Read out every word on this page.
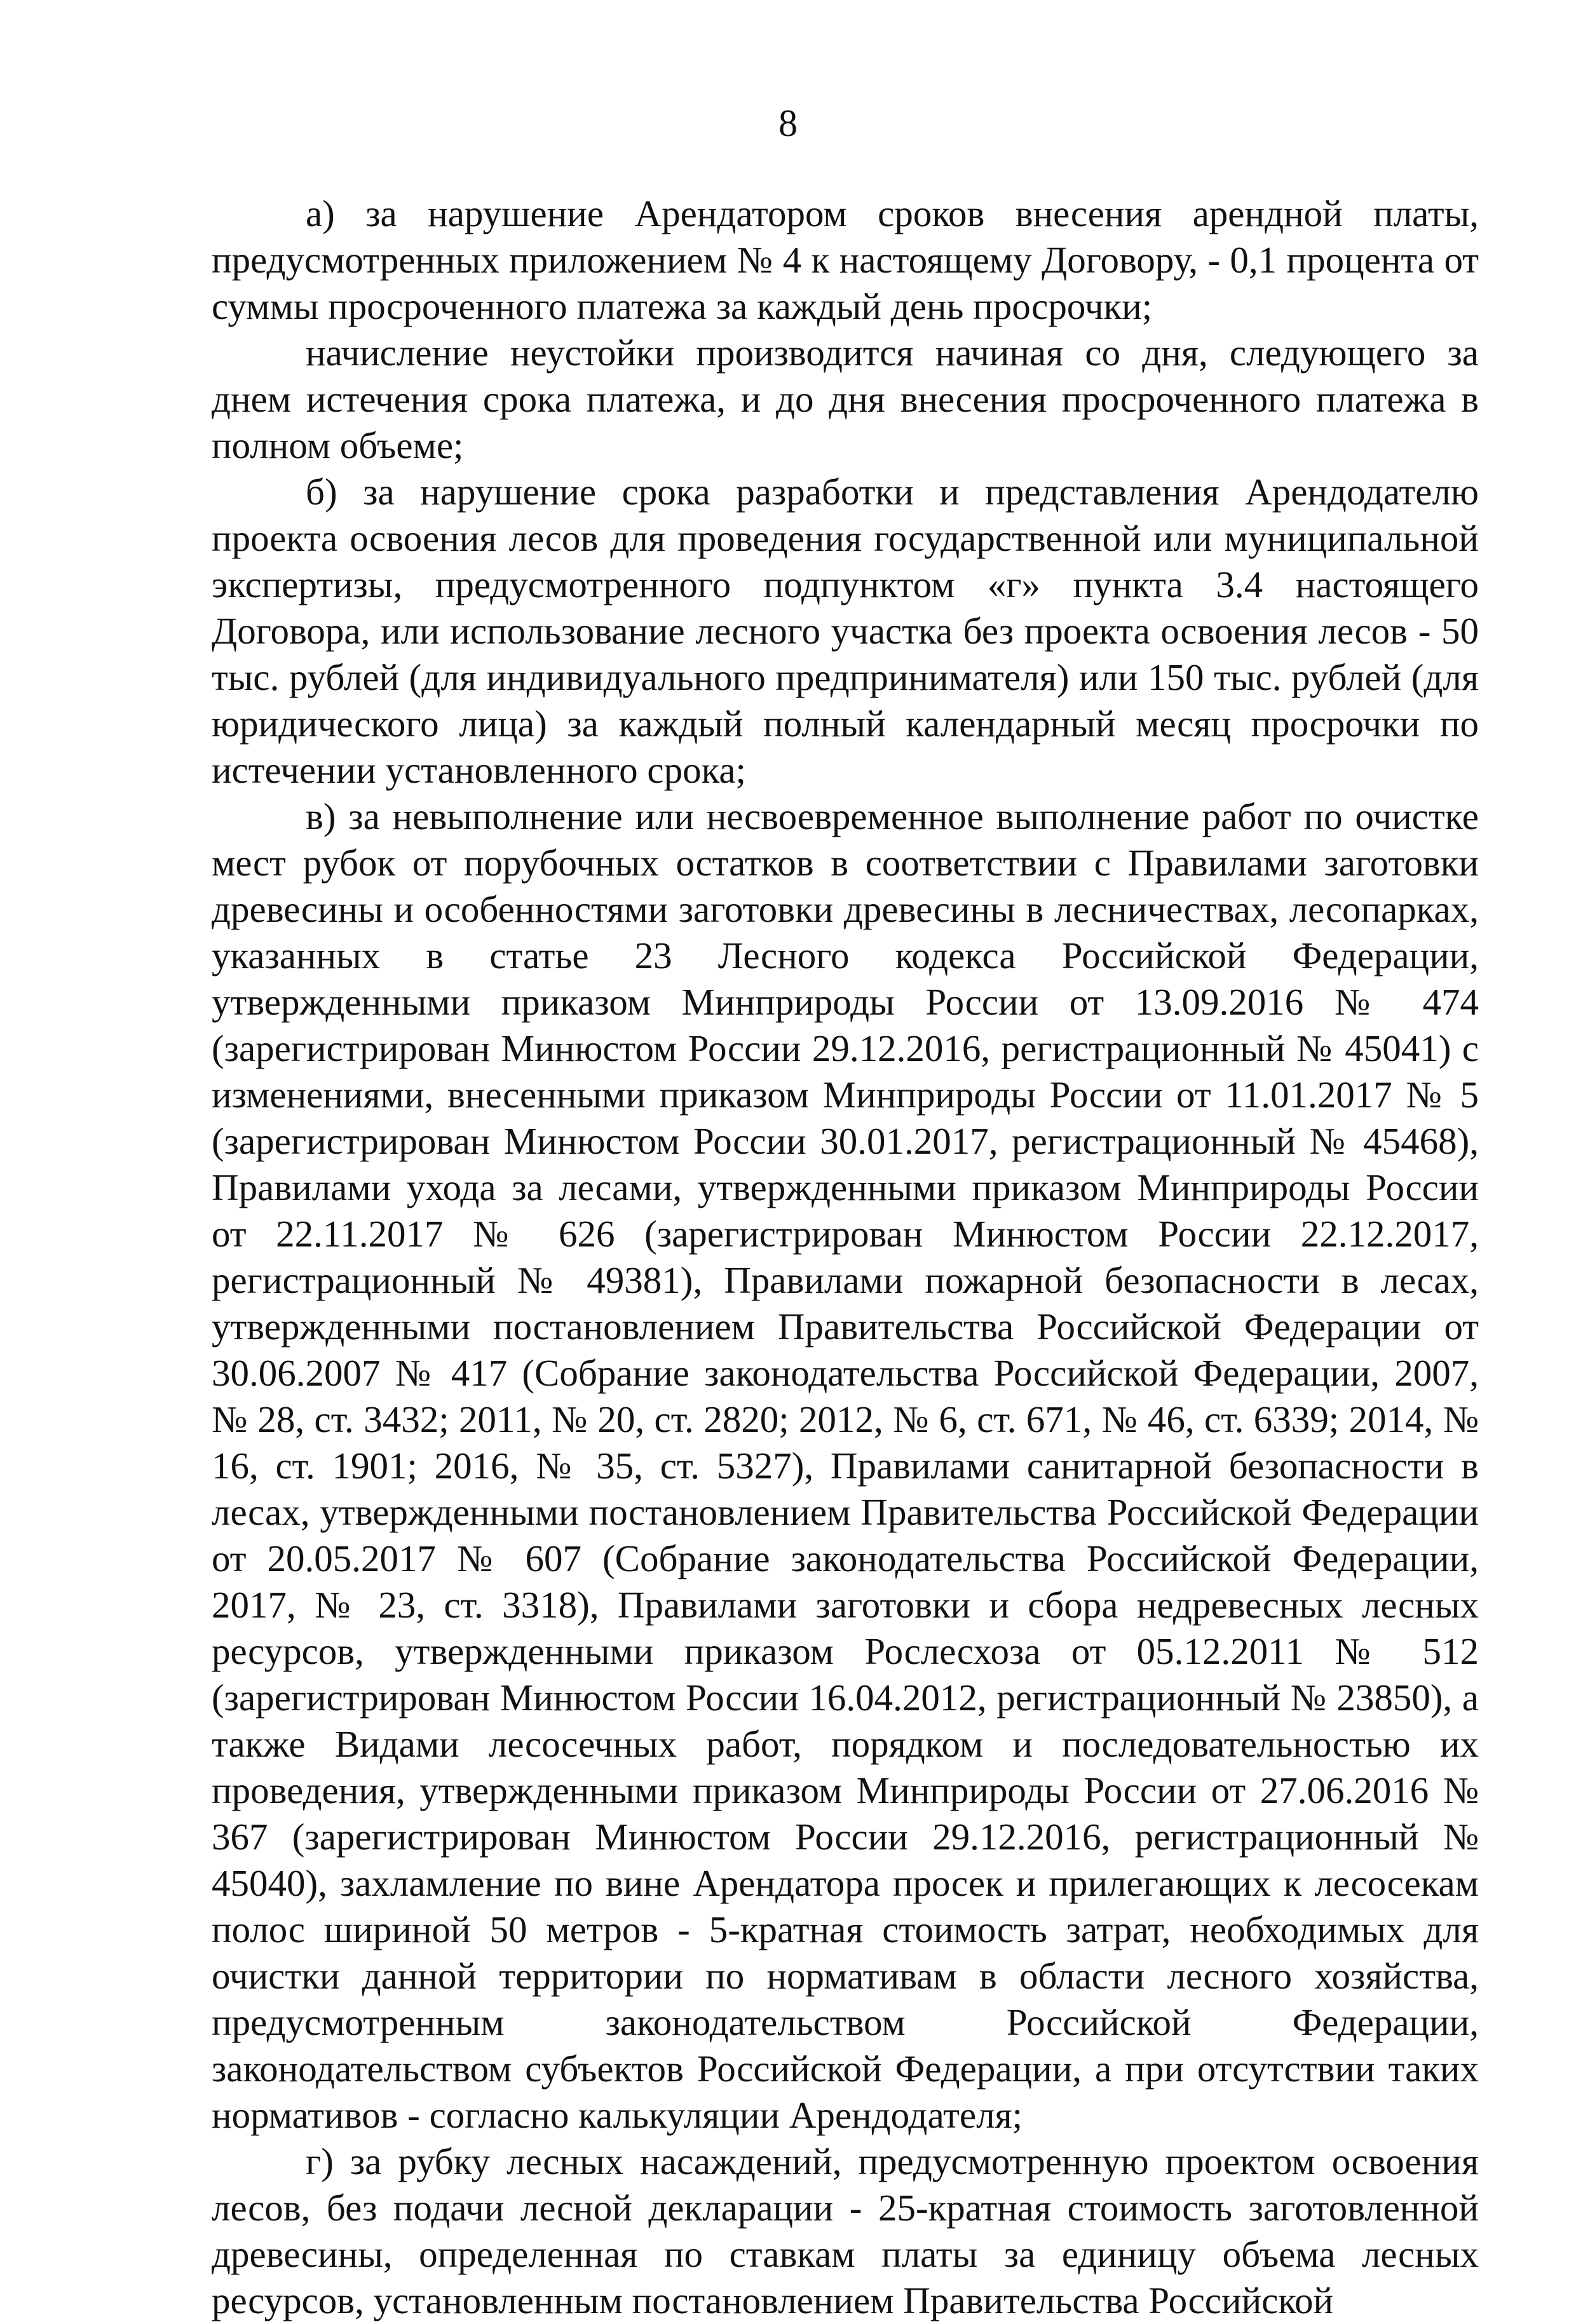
8

а) за нарушение Арендатором сроков внесения арендной платы, предусмотренных приложением № 4 к настоящему Договору, - 0,1 процента от суммы просроченного платежа за каждый день просрочки;

начисление неустойки производится начиная со дня, следующего за днем истечения срока платежа, и до дня внесения просроченного платежа в полном объеме;

б) за нарушение срока разработки и представления Арендодателю проекта освоения лесов для проведения государственной или муниципальной экспертизы, предусмотренного подпунктом «г» пункта 3.4 настоящего Договора, или использование лесного участка без проекта освоения лесов - 50 тыс. рублей (для индивидуального предпринимателя) или 150 тыс. рублей (для юридического лица) за каждый полный календарный месяц просрочки по истечении установленного срока;

в) за невыполнение или несвоевременное выполнение работ по очистке мест рубок от порубочных остатков в соответствии с Правилами заготовки древесины и особенностями заготовки древесины в лесничествах, лесопарках, указанных в статье 23 Лесного кодекса Российской Федерации, утвержденными приказом Минприроды России от 13.09.2016 № 474 (зарегистрирован Минюстом России 29.12.2016, регистрационный № 45041) с изменениями, внесенными приказом Минприроды России от 11.01.2017 № 5 (зарегистрирован Минюстом России 30.01.2017, регистрационный № 45468), Правилами ухода за лесами, утвержденными приказом Минприроды России от 22.11.2017 № 626 (зарегистрирован Минюстом России 22.12.2017, регистрационный № 49381), Правилами пожарной безопасности в лесах, утвержденными постановлением Правительства Российской Федерации от 30.06.2007 № 417 (Собрание законодательства Российской Федерации, 2007, № 28, ст. 3432; 2011, № 20, ст. 2820; 2012, № 6, ст. 671, № 46, ст. 6339; 2014, № 16, ст. 1901; 2016, № 35, ст. 5327), Правилами санитарной безопасности в лесах, утвержденными постановлением Правительства Российской Федерации от 20.05.2017 № 607 (Собрание законодательства Российской Федерации, 2017, № 23, ст. 3318), Правилами заготовки и сбора недревесных лесных ресурсов, утвержденными приказом Рослесхоза от 05.12.2011 № 512 (зарегистрирован Минюстом России 16.04.2012, регистрационный № 23850), а также Видами лесосечных работ, порядком и последовательностью их проведения, утвержденными приказом Минприроды России от 27.06.2016 № 367 (зарегистрирован Минюстом России 29.12.2016, регистрационный № 45040), захламление по вине Арендатора просек и прилегающих к лесосекам полос шириной 50 метров - 5-кратная стоимость затрат, необходимых для очистки данной территории по нормативам в области лесного хозяйства, предусмотренным законодательством Российской Федерации, законодательством субъектов Российской Федерации, а при отсутствии таких нормативов - согласно калькуляции Арендодателя;

г) за рубку лесных насаждений, предусмотренную проектом освоения лесов, без подачи лесной декларации - 25-кратная стоимость заготовленной древесины, определенная по ставкам платы за единицу объема лесных ресурсов, установленным постановлением Правительства Российской
